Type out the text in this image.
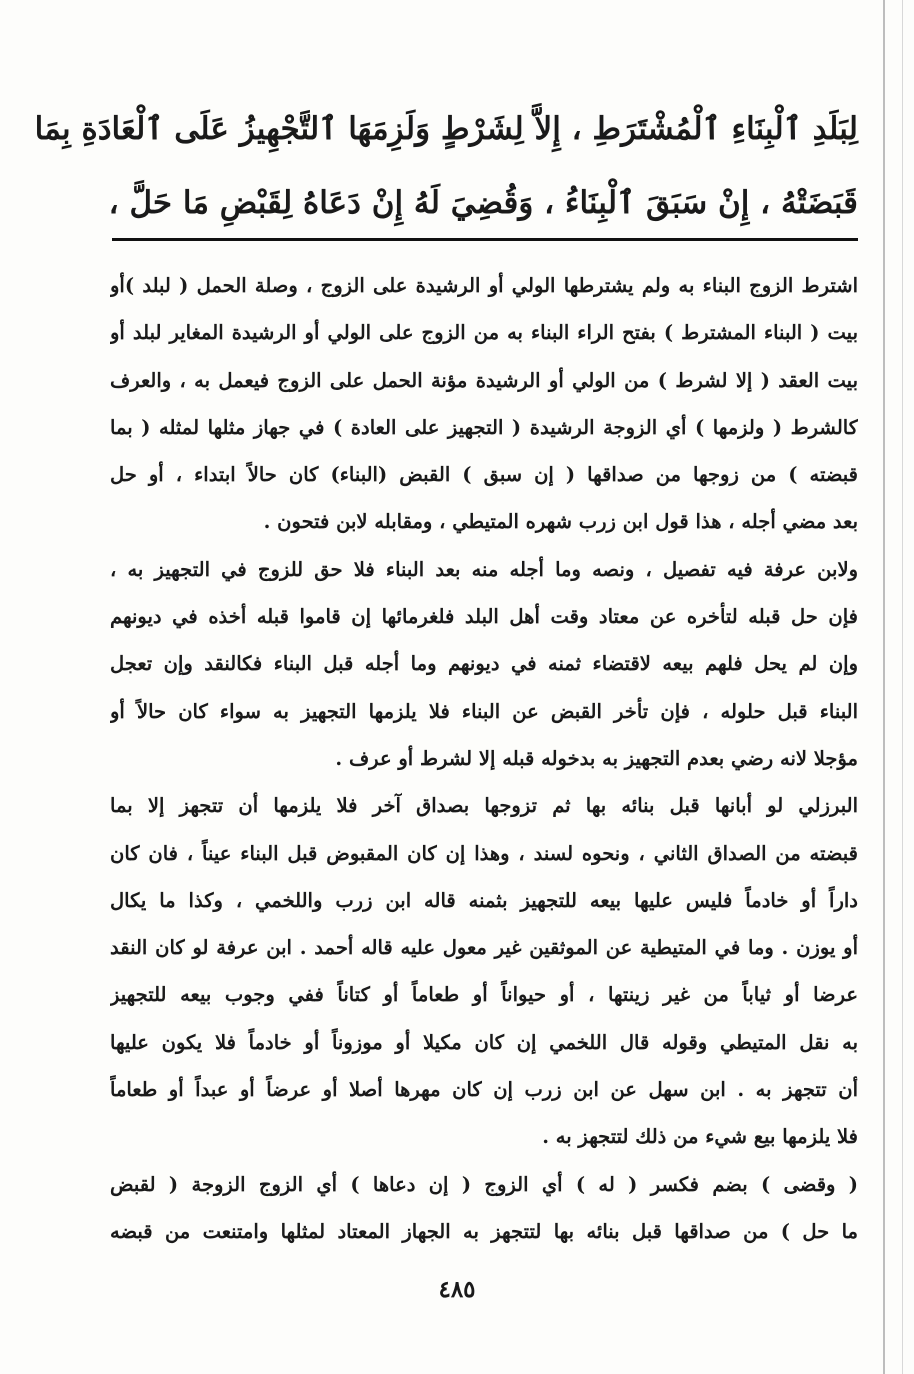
لِبَلَدِ ٱلْبِنَاءِ ٱلْمُشْتَرَطِ ، إِلاَّ لِشَرْطٍ وَلَزِمَهَا ٱلتَّجْهِيزُ عَلَى ٱلْعَادَةِ بِمَا
قَبَضَتْهُ ، إِنْ سَبَقَ ٱلْبِنَاءُ ، وَقُضِيَ لَهُ إِنْ دَعَاهُ لِقَبْضِ مَا حَلَّ ،
اشترط الزوج البناء به ولم يشترطها الولي أو الرشيدة على الزوج ، وصلة الحمل ( لبلد )أو
بيت ( البناء المشترط ) بفتح الراء البناء به من الزوج على الولي أو الرشيدة المغاير لبلد أو
بيت العقد ( إلا لشرط ) من الولي أو الرشيدة مؤنة الحمل على الزوج فيعمل به ، والعرف
كالشرط ( ولزمها ) أي الزوجة الرشيدة ( التجهيز على العادة ) في جهاز مثلها لمثله ( بما
قبضته ) من زوجها من صداقها ( إن سبق ) القبض (البناء) كان حالاً ابتداء ، أو حل
بعد مضي أجله ، هذا قول ابن زرب شهره المتيطي ، ومقابله لابن فتحون .
ولابن عرفة فيه تفصيل ، ونصه وما أجله منه بعد البناء فلا حق للزوج في التجهيز به ،
فإن حل قبله لتأخره عن معتاد وقت أهل البلد فلغرمائها إن قاموا قبله أخذه في ديونهم
وإن لم يحل فلهم بيعه لاقتضاء ثمنه في ديونهم وما أجله قبل البناء فكالنقد وإن تعجل
البناء قبل حلوله ، فإن تأخر القبض عن البناء فلا يلزمها التجهيز به سواء كان حالاً أو
مؤجلا لانه رضي بعدم التجهيز به بدخوله قبله إلا لشرط أو عرف .
البرزلي لو أبانها قبل بنائه بها ثم تزوجها بصداق آخر فلا يلزمها أن تتجهز إلا بما
قبضته من الصداق الثاني ، ونحوه لسند ، وهذا إن كان المقبوض قبل البناء عيناً ، فان كان
داراً أو خادماً فليس عليها بيعه للتجهيز بثمنه قاله ابن زرب واللخمي ، وكذا ما يكال
أو يوزن . وما في المتيطية عن الموثقين غير معول عليه قاله أحمد . ابن عرفة لو كان النقد
عرضا أو ثياباً من غير زينتها ، أو حيواناً أو طعاماً أو كتاناً ففي وجوب بيعه للتجهيز
به نقل المتيطي وقوله قال اللخمي إن كان مكيلا أو موزوناً أو خادماً فلا يكون عليها
أن تتجهز به . ابن سهل عن ابن زرب إن كان مهرها أصلا أو عرضاً أو عبداً أو طعاماً
فلا يلزمها بيع شيء من ذلك لتتجهز به .
( وقضى ) بضم فكسر ( له ) أي الزوج ( إن دعاها ) أي الزوج الزوجة ( لقبض
ما حل ) من صداقها قبل بنائه بها لتتجهز به الجهاز المعتاد لمثلها وامتنعت من قبضه
٤٨٥
